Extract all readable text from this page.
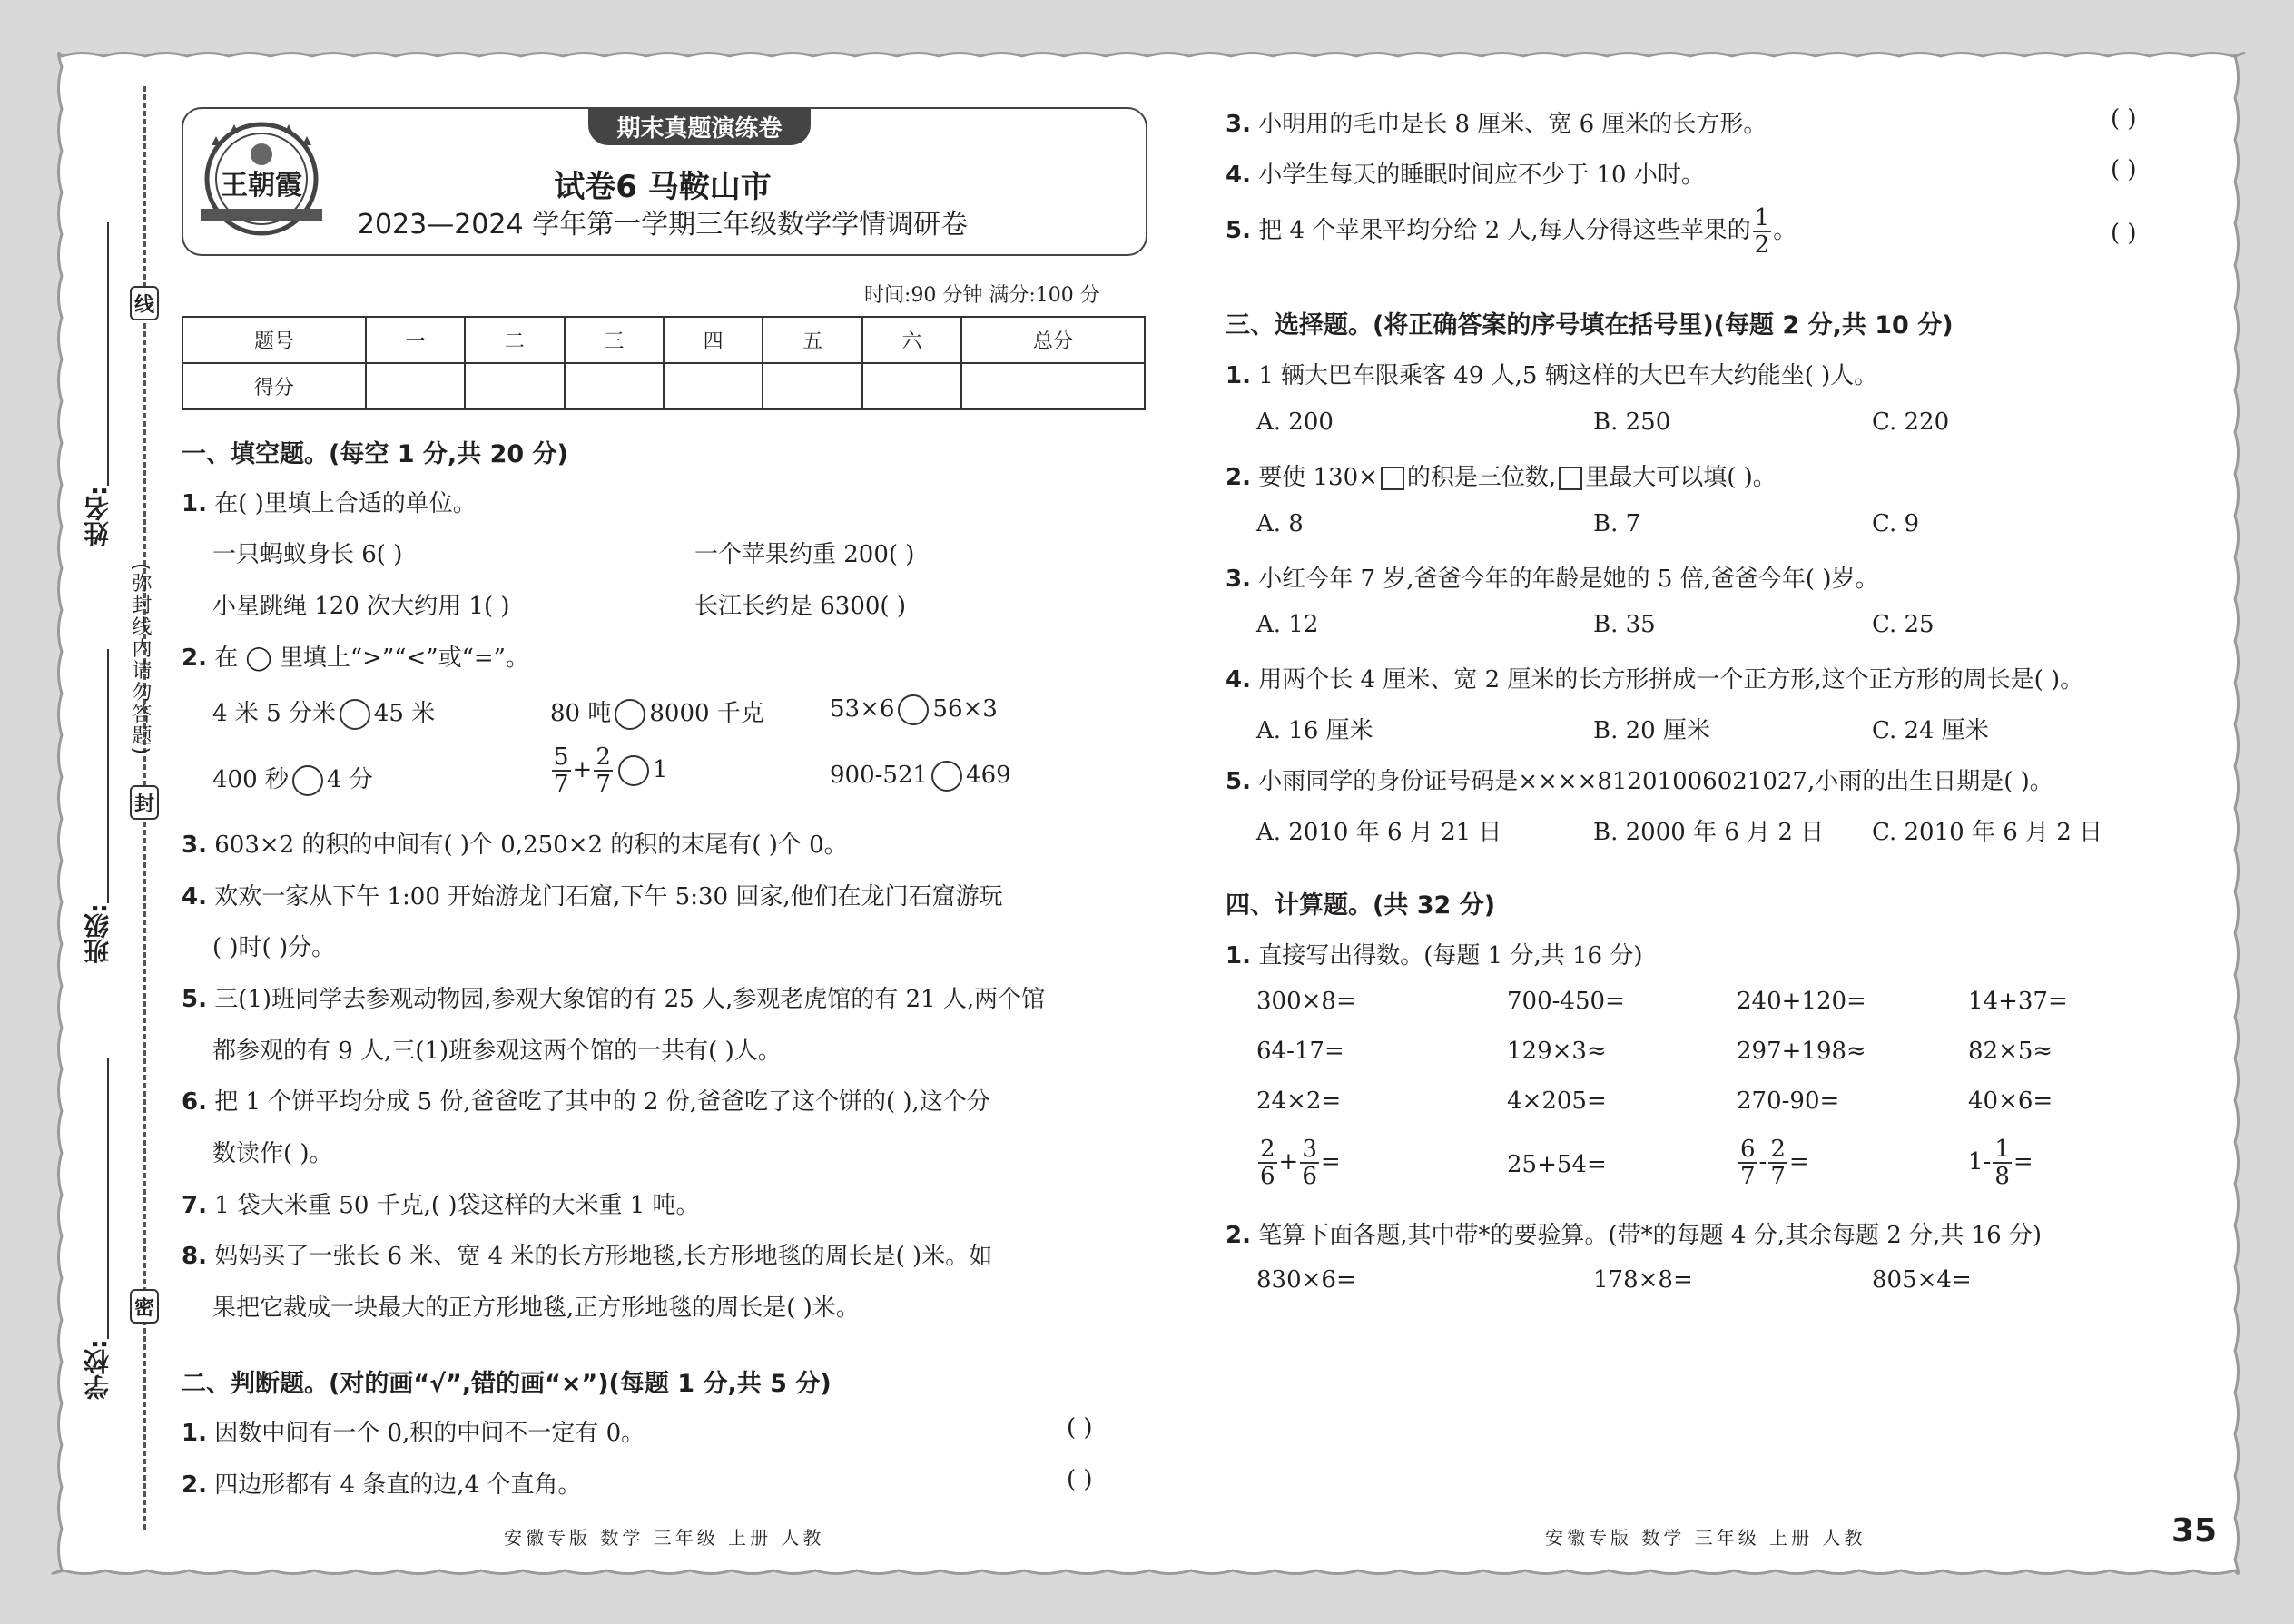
线
封
密
(弥封线内请勿答题)
姓名:
班级:
学校:
王朝霞
期末真题演练卷
试卷6 马鞍山市
2023—2024 学年第一学期三年级数学学情调研卷
时间:90 分钟 满分:100 分
题号	一	二	三	四	五	六	总分
得分							
一、填空题。(每空 1 分,共 20 分)
1. 在( )里填上合适的单位。
一只蚂蚁身长 6( )	一个苹果约重 200( )
小星跳绳 120 次大约用 1( )	长江长约是 6300( )
2. 在 ◯ 里填上“>”“<”或“=”。
4 米 5 分米 45 米	80 吨 8000 千克	53×6 56×3
400 秒 4 分	$\frac{5}{7} + \frac{2}{7} 1$	900-521 469
3. 603×2 的积的中间有( )个 0,250×2 的积的末尾有( )个 0。
4. 欢欢一家从下午 1:00 开始游龙门石窟,下午 5:30 回家,他们在龙门石窟游玩
( )时( )分。
5. 三(1)班同学去参观动物园,参观大象馆的有 25 人,参观老虎馆的有 21 人,两个馆
都参观的有 9 人,三(1)班参观这两个馆的一共有( )人。
6. 把 1 个饼平均分成 5 份,爸爸吃了其中的 2 份,爸爸吃了这个饼的( ),这个分
数读作( )。
7. 1 袋大米重 50 千克,( )袋这样的大米重 1 吨。
8. 妈妈买了一张长 6 米、宽 4 米的长方形地毯,长方形地毯的周长是( )米。如
果把它裁成一块最大的正方形地毯,正方形地毯的周长是( )米。
二、判断题。(对的画“√”,错的画“×”)(每题 1 分,共 5 分)
1. 因数中间有一个 0,积的中间不一定有 0。	( )
2. 四边形都有 4 条直的边,4 个直角。	( )
3. 小明用的毛巾是长 8 厘米、宽 6 厘米的长方形。	( )
4. 小学生每天的睡眠时间应不少于 10 小时。	( )
5. 把 4 个苹果平均分给 2 人,每人分得这些苹果的 $\frac{1}{2}$ 。	( )
三、选择题。(将正确答案的序号填在括号里)(每题 2 分,共 10 分)
1. 1 辆大巴车限乘客 49 人,5 辆这样的大巴车大约能坐( )人。
A. 200	B. 250	C. 220
2. 要使 130× 的积是三位数, 里最大可以填( )。
A. 8	B. 7	C. 9
3. 小红今年 7 岁,爸爸今年的年龄是她的 5 倍,爸爸今年( )岁。
A. 12	B. 35	C. 25
4. 用两个长 4 厘米、宽 2 厘米的长方形拼成一个正方形,这个正方形的周长是( )。
A. 16 厘米	B. 20 厘米	C. 24 厘米
5. 小雨同学的身份证号码是××××81201006021027,小雨的出生日期是( )。
A. 2010 年 6 月 21 日	B. 2000 年 6 月 2 日 C. 2010 年 6 月 2 日
四、计算题。(共 32 分)
1. 直接写出得数。(每题 1 分,共 16 分)
300×8=	700-450=	240+120=	14+37=
64-17=	129×3≈	297+198≈	82×5≈
24×2=	4×205=	270-90=	40×6=
$\frac{2}{6} + \frac{3}{6}$ =	25+54=	$\frac{6}{7} - \frac{2}{7}$ =	$1- \frac{1}{8}$ =
2. 笔算下面各题,其中带*的要验算。(带*的每题 4 分,其余每题 2 分,共 16 分)
830×6=	178×8=	805×4=
安徽专版 数学 三年级 上册 人教	安徽专版 数学 三年级 上册 人教	35
